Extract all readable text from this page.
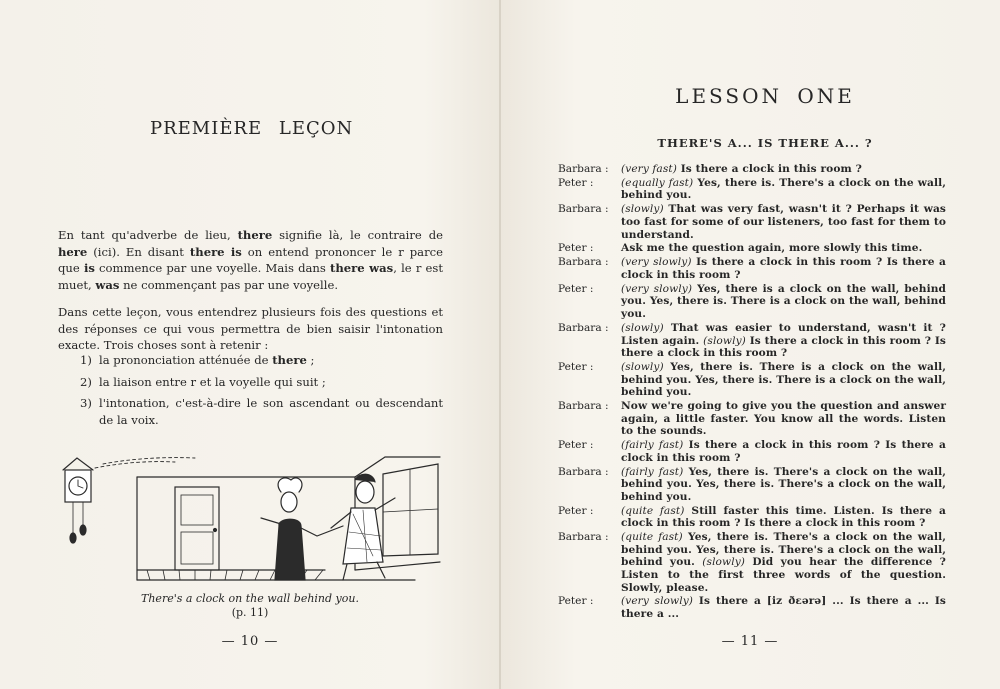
PREMIÈRE LEÇON

En tant qu'adverbe de lieu, there signifie là, le contraire de here (ici). En disant there is on entend prononcer le r parce que is commence par une voyelle. Mais dans there was, le r est muet, was ne commençant pas par une voyelle.

Dans cette leçon, vous entendrez plusieurs fois des questions et des réponses ce qui vous permettra de bien saisir l'intonation exacte. Trois choses sont à retenir :

1) la prononciation atténuée de there ;
2) la liaison entre r et la voyelle qui suit ;
3) l'intonation, c'est-à-dire le son ascendant ou descendant de la voix.
There's a clock on the wall behind you.
(p. 11)
— 10 —
LESSON ONE
THERE'S A... IS THERE A... ?
Barbara :	(very fast) Is there a clock in this room ?
Peter :	(equally fast) Yes, there is. There's a clock on the wall, behind you.
Barbara :	(slowly) That was very fast, wasn't it ? Perhaps it was too fast for some of our listeners, too fast for them to understand.
Peter :	Ask me the question again, more slowly this time.
Barbara :	(very slowly) Is there a clock in this room ? Is there a clock in this room ?
Peter :	(very slowly) Yes, there is a clock on the wall, behind you. Yes, there is. There is a clock on the wall, behind you.
Barbara :	(slowly) That was easier to understand, wasn't it ? Listen again. (slowly) Is there a clock in this room ? Is there a clock in this room ?
Peter :	(slowly) Yes, there is. There is a clock on the wall, behind you. Yes, there is. There is a clock on the wall, behind you.
Barbara :	Now we're going to give you the question and answer again, a little faster. You know all the words. Listen to the sounds.
Peter :	(fairly fast) Is there a clock in this room ? Is there a clock in this room ?
Barbara :	(fairly fast) Yes, there is. There's a clock on the wall, behind you. Yes, there is. There's a clock on the wall, behind you.
Peter :	(quite fast) Still faster this time. Listen. Is there a clock in this room ? Is there a clock in this room ?
Barbara :	(quite fast) Yes, there is. There's a clock on the wall, behind you. Yes, there is. There's a clock on the wall, behind you. (slowly) Did you hear the difference ? Listen to the first three words of the question. Slowly, please.
Peter :	(very slowly) Is there a [iz ðɛərə] ... Is there a ... Is there a ...
— 11 —
